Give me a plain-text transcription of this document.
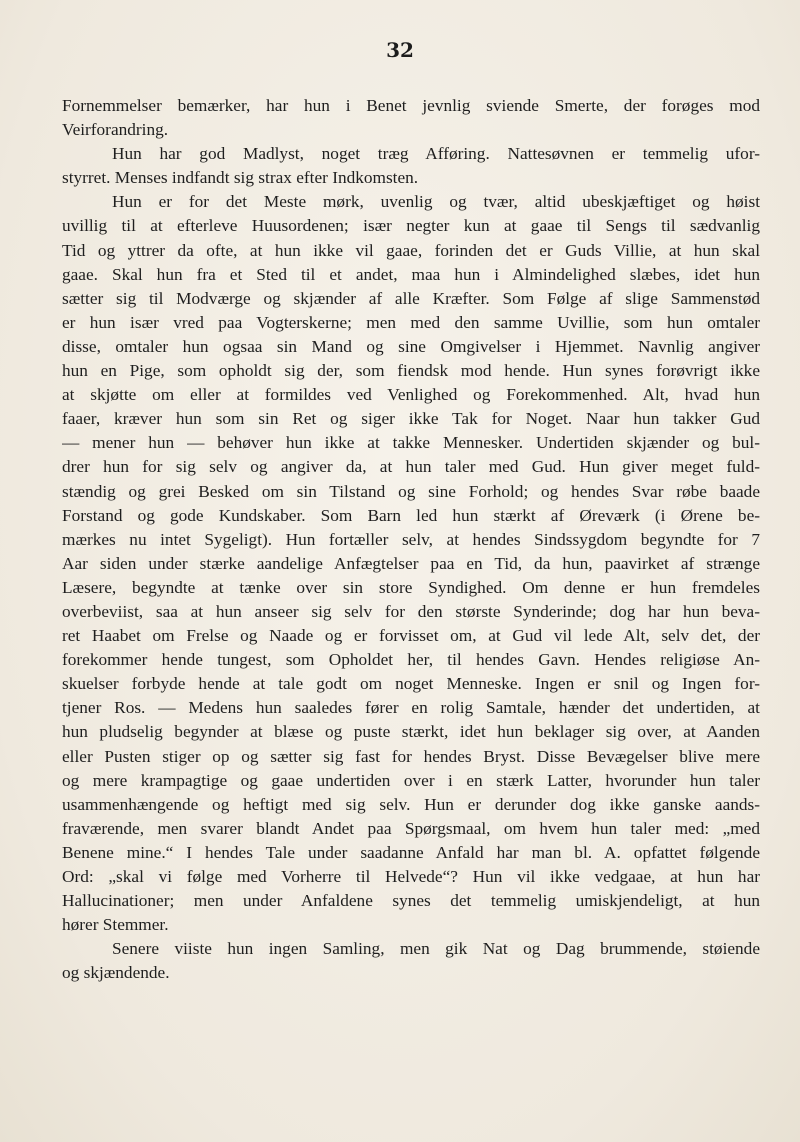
32
Fornemmelser bemærker, har hun i Benet jevnlig sviende Smerte, der forøges mod
Veirforandring.
Hun har god Madlyst, noget træg Afføring. Nattesøvnen er temmelig ufor-
styrret. Menses indfandt sig strax efter Indkomsten.
Hun er for det Meste mørk, uvenlig og tvær, altid ubeskjæftiget og høist
uvillig til at efterleve Huusordenen; især negter kun at gaae til Sengs til sædvanlig
Tid og yttrer da ofte, at hun ikke vil gaae, forinden det er Guds Villie, at hun skal
gaae. Skal hun fra et Sted til et andet, maa hun i Almindelighed slæbes, idet hun
sætter sig til Modværge og skjænder af alle Kræfter. Som Følge af slige Sammenstød
er hun især vred paa Vogterskerne; men med den samme Uvillie, som hun omtaler
disse, omtaler hun ogsaa sin Mand og sine Omgivelser i Hjemmet. Navnlig angiver
hun en Pige, som opholdt sig der, som fiendsk mod hende. Hun synes forøvrigt ikke
at skjøtte om eller at formildes ved Venlighed og Forekommenhed. Alt, hvad hun
faaer, kræver hun som sin Ret og siger ikke Tak for Noget. Naar hun takker Gud
— mener hun — behøver hun ikke at takke Mennesker. Undertiden skjænder og bul-
drer hun for sig selv og angiver da, at hun taler med Gud. Hun giver meget fuld-
stændig og grei Besked om sin Tilstand og sine Forhold; og hendes Svar røbe baade
Forstand og gode Kundskaber. Som Barn led hun stærkt af Øreværk (i Ørene be-
mærkes nu intet Sygeligt). Hun fortæller selv, at hendes Sindssygdom begyndte for 7
Aar siden under stærke aandelige Anfægtelser paa en Tid, da hun, paavirket af strænge
Læsere, begyndte at tænke over sin store Syndighed. Om denne er hun fremdeles
overbeviist, saa at hun anseer sig selv for den største Synderinde; dog har hun beva-
ret Haabet om Frelse og Naade og er forvisset om, at Gud vil lede Alt, selv det, der
forekommer hende tungest, som Opholdet her, til hendes Gavn. Hendes religiøse An-
skuelser forbyde hende at tale godt om noget Menneske. Ingen er snil og Ingen for-
tjener Ros. — Medens hun saaledes fører en rolig Samtale, hænder det undertiden, at
hun pludselig begynder at blæse og puste stærkt, idet hun beklager sig over, at Aanden
eller Pusten stiger op og sætter sig fast for hendes Bryst. Disse Bevægelser blive mere
og mere krampagtige og gaae undertiden over i en stærk Latter, hvorunder hun taler
usammenhængende og heftigt med sig selv. Hun er derunder dog ikke ganske aands-
fraværende, men svarer blandt Andet paa Spørgsmaal, om hvem hun taler med: „med
Benene mine.“ I hendes Tale under saadanne Anfald har man bl. A. opfattet følgende
Ord: „skal vi følge med Vorherre til Helvede“? Hun vil ikke vedgaae, at hun har
Hallucinationer; men under Anfaldene synes det temmelig umiskjendeligt, at hun
hører Stemmer.
Senere viiste hun ingen Samling, men gik Nat og Dag brummende, støiende
og skjændende.
